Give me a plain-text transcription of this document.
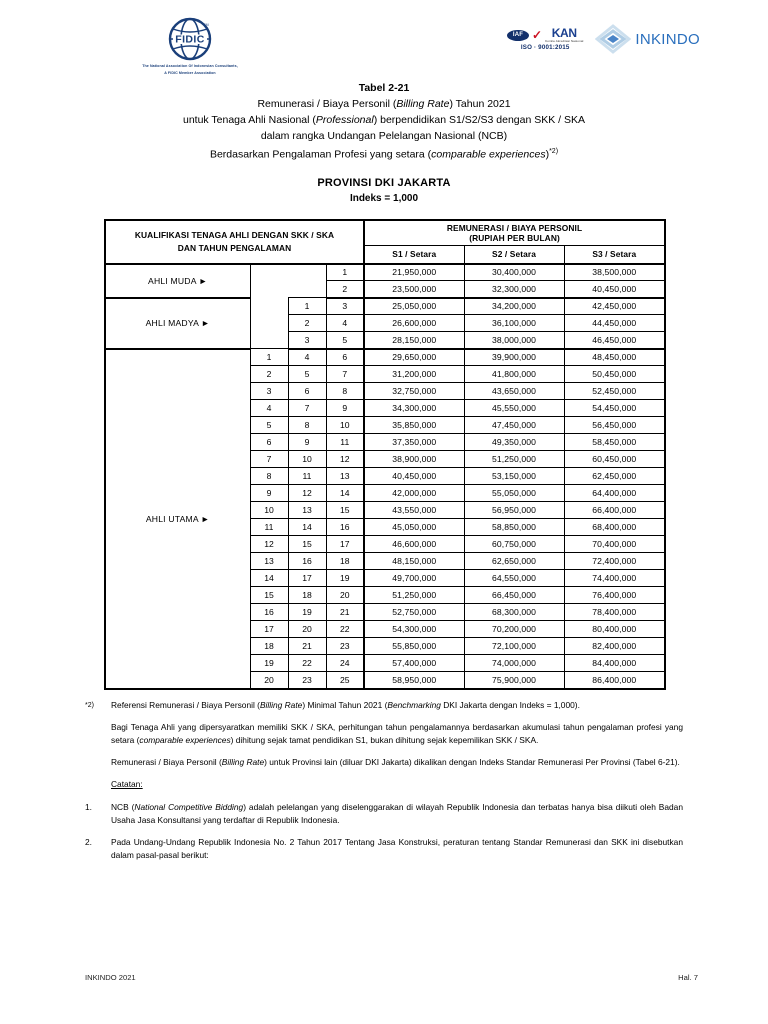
FIDIC
TM
The National Association Of Indonesian Consultants,
A FIDIC Member Association
IAF ✓ KAN
Komite Akreditasi Nasional
ISO · 9001:2015	INKINDO
Tabel 2-21
Remunerasi / Biaya Personil (Billing Rate) Tahun 2021
untuk Tenaga Ahli Nasional (Professional) berpendidikan S1/S2/S3 dengan SKK / SKA
dalam rangka Undangan Pelelangan Nasional (NCB)
Berdasarkan Pengalaman Profesi yang setara (comparable experiences)$^{*2)}$
PROVINSI DKI JAKARTA
Indeks = 1,000
KUALIFIKASI TENAGA AHLI DENGAN SKK / SKA
DAN TAHUN PENGALAMAN

REMUNERASI / BIAYA PERSONIL
(RUPIAH PER BULAN)

				S1 / Setara	S2 / Setara	S3 / Setara
AHLI MUDA ►			1	21,950,000	30,400,000	38,500,000
			2	23,500,000	32,300,000	40,450,000
AHLI MADYA ►		1	3	25,050,000	34,200,000	42,450,000
		2	4	26,600,000	36,100,000	44,450,000
		3	5	28,150,000	38,000,000	46,450,000
AHLI UTAMA ►	1	4	6	29,650,000	39,900,000	48,450,000
	2	5	7	31,200,000	41,800,000	50,450,000
	3	6	8	32,750,000	43,650,000	52,450,000
	4	7	9	34,300,000	45,550,000	54,450,000
	5	8	10	35,850,000	47,450,000	56,450,000
	6	9	11	37,350,000	49,350,000	58,450,000
	7	10	12	38,900,000	51,250,000	60,450,000
	8	11	13	40,450,000	53,150,000	62,450,000
	9	12	14	42,000,000	55,050,000	64,400,000
	10	13	15	43,550,000	56,950,000	66,400,000
	11	14	16	45,050,000	58,850,000	68,400,000
	12	15	17	46,600,000	60,750,000	70,400,000
	13	16	18	48,150,000	62,650,000	72,400,000
	14	17	19	49,700,000	64,550,000	74,400,000
	15	18	20	51,250,000	66,450,000	76,400,000
	16	19	21	52,750,000	68,300,000	78,400,000
	17	20	22	54,300,000	70,200,000	80,400,000
	18	21	23	55,850,000	72,100,000	82,400,000
	19	22	24	57,400,000	74,000,000	84,400,000
	20	23	25	58,950,000	75,900,000	86,400,000
*2)	Referensi Remunerasi / Biaya Personil (Billing Rate) Minimal Tahun 2021 (Benchmarking DKI Jakarta dengan Indeks = 1,000).
Bagi Tenaga Ahli yang dipersyaratkan memiliki SKK / SKA, perhitungan tahun pengalamannya berdasarkan akumulasi tahun pengalaman profesi yang setara (comparable experiences) dihitung sejak tamat pendidikan S1, bukan dihitung sejak kepemilikan SKK / SKA.
Remunerasi / Biaya Personil (Billing Rate) untuk Provinsi lain (diluar DKI Jakarta) dikalikan dengan Indeks Standar Remunerasi Per Provinsi (Tabel 6-21).
Catatan:
1.	NCB (National Competitive Bidding) adalah pelelangan yang diselenggarakan di wilayah Republik Indonesia dan terbatas hanya bisa diikuti oleh Badan Usaha Jasa Konsultansi yang terdaftar di Republik Indonesia.
2.	Pada Undang-Undang Republik Indonesia No. 2 Tahun 2017 Tentang Jasa Konstruksi, peraturan tentang Standar Remunerasi dan SKK ini disebutkan dalam pasal-pasal berikut:
INKINDO 2021	Hal. 7
